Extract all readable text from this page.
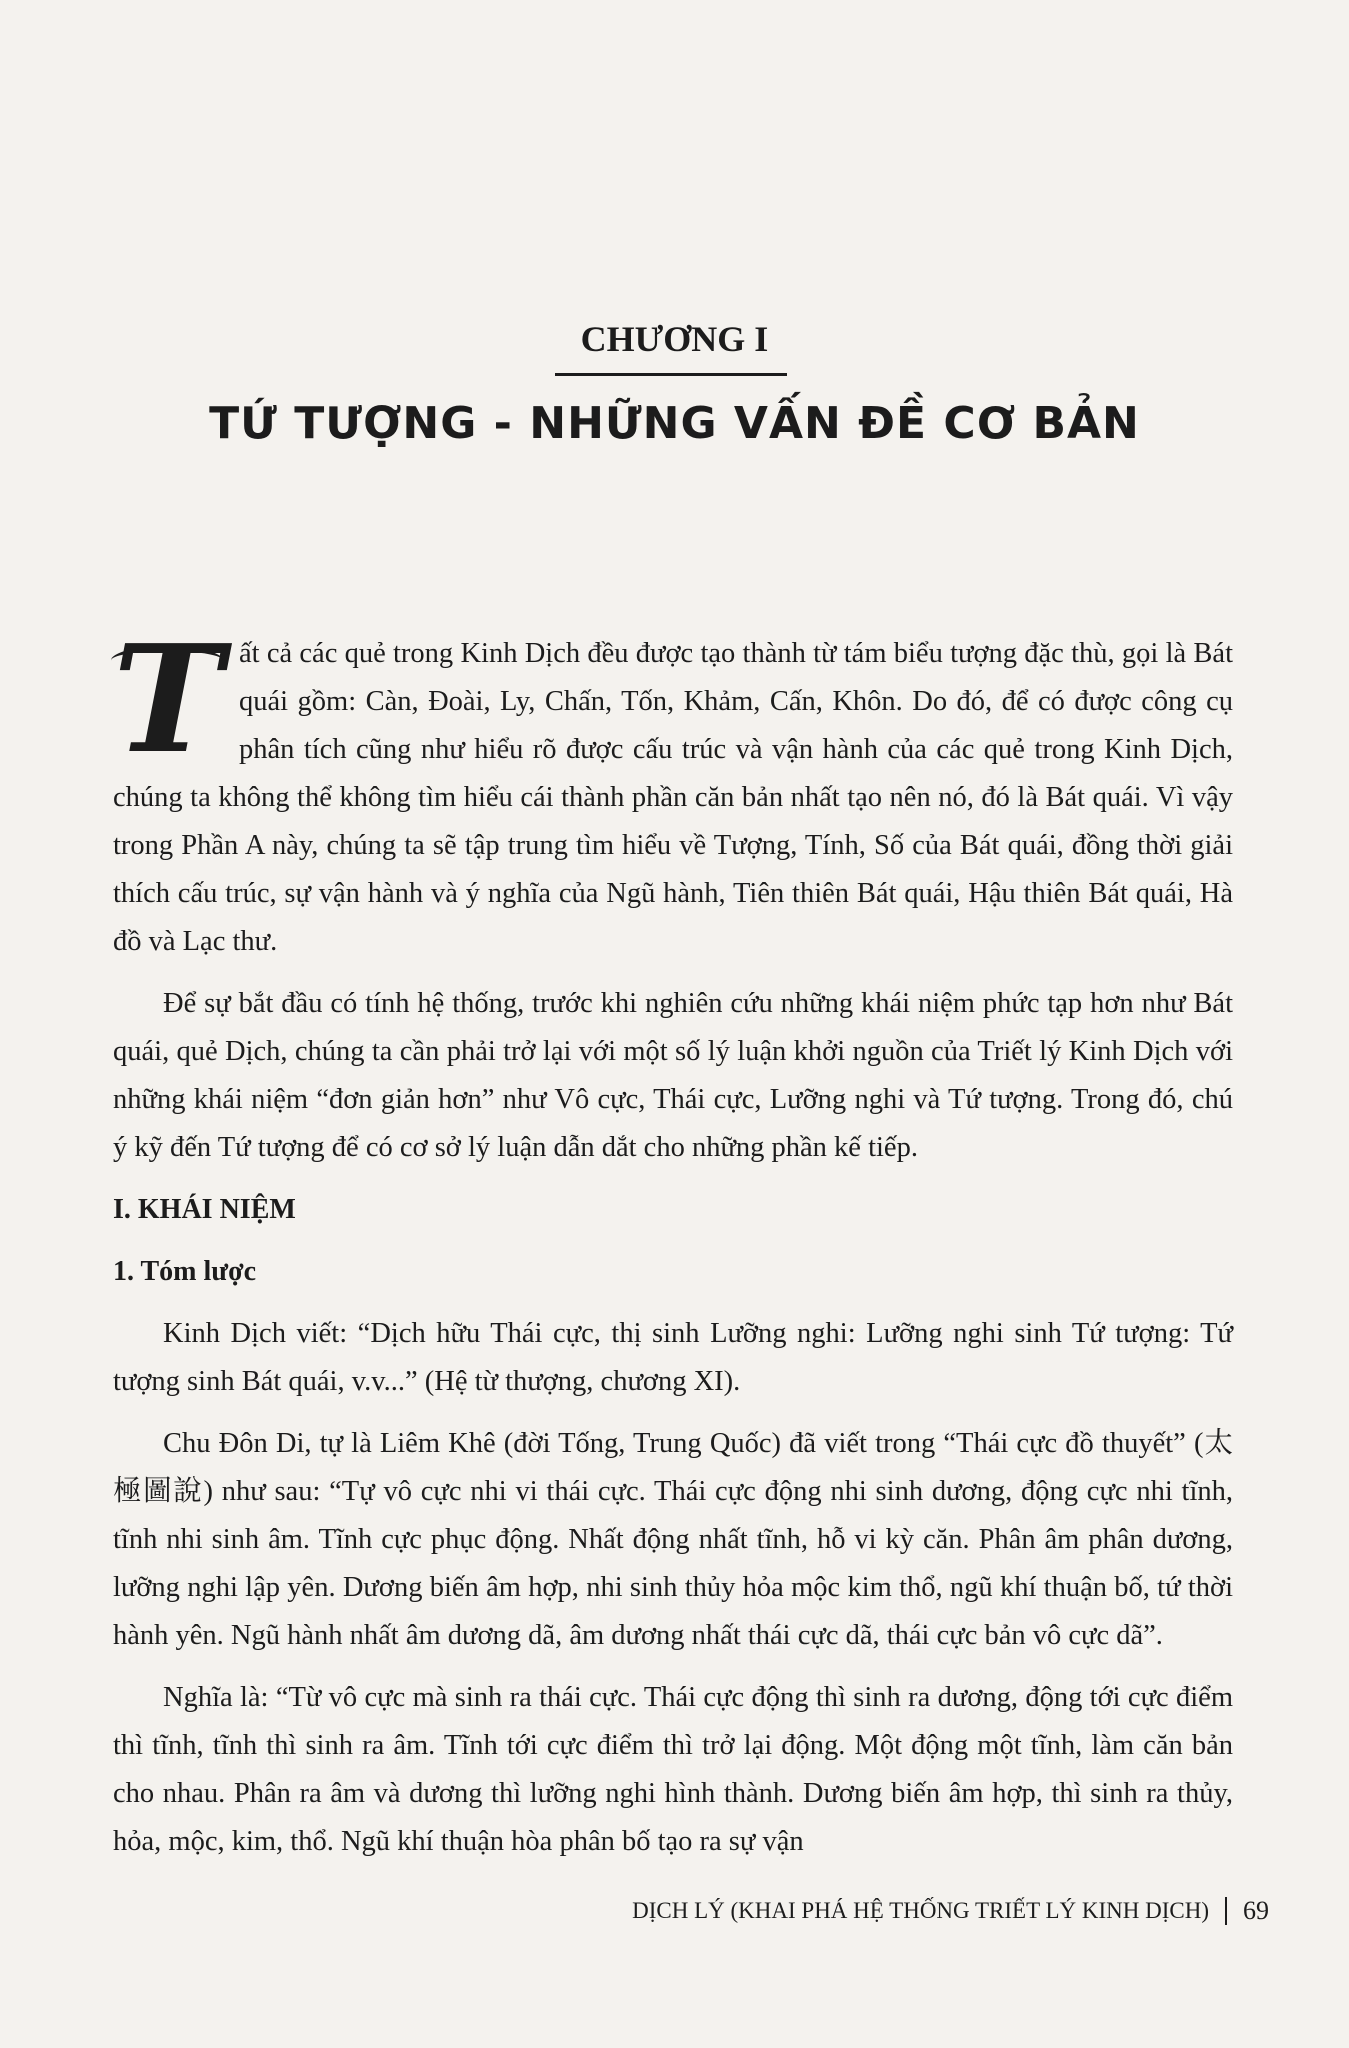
CHƯƠNG I
TỨ TƯỢNG - NHỮNG VẤN ĐỀ CƠ BẢN

T ất cả các quẻ trong Kinh Dịch đều được tạo thành từ tám biểu tượng đặc thù, gọi là Bát quái gồm: Càn, Đoài, Ly, Chấn, Tốn, Khảm, Cấn, Khôn. Do đó, để có được công cụ phân tích cũng như hiểu rõ được cấu trúc và vận hành của các quẻ trong Kinh Dịch, chúng ta không thể không tìm hiểu cái thành phần căn bản nhất tạo nên nó, đó là Bát quái. Vì vậy trong Phần A này, chúng ta sẽ tập trung tìm hiểu về Tượng, Tính, Số của Bát quái, đồng thời giải thích cấu trúc, sự vận hành và ý nghĩa của Ngũ hành, Tiên thiên Bát quái, Hậu thiên Bát quái, Hà đồ và Lạc thư.

Để sự bắt đầu có tính hệ thống, trước khi nghiên cứu những khái niệm phức tạp hơn như Bát quái, quẻ Dịch, chúng ta cần phải trở lại với một số lý luận khởi nguồn của Triết lý Kinh Dịch với những khái niệm “đơn giản hơn” như Vô cực, Thái cực, Lưỡng nghi và Tứ tượng. Trong đó, chú ý kỹ đến Tứ tượng để có cơ sở lý luận dẫn dắt cho những phần kế tiếp.

I. KHÁI NIỆM

1. Tóm lược

Kinh Dịch viết: “Dịch hữu Thái cực, thị sinh Lưỡng nghi: Lưỡng nghi sinh Tứ tượng: Tứ tượng sinh Bát quái, v.v...” (Hệ từ thượng, chương XI).

Chu Đôn Di, tự là Liêm Khê (đời Tống, Trung Quốc) đã viết trong “Thái cực đồ thuyết” (太極圖說) như sau: “Tự vô cực nhi vi thái cực. Thái cực động nhi sinh dương, động cực nhi tĩnh, tĩnh nhi sinh âm. Tĩnh cực phục động. Nhất động nhất tĩnh, hỗ vi kỳ căn. Phân âm phân dương, lưỡng nghi lập yên. Dương biến âm hợp, nhi sinh thủy hỏa mộc kim thổ, ngũ khí thuận bố, tứ thời hành yên. Ngũ hành nhất âm dương dã, âm dương nhất thái cực dã, thái cực bản vô cực dã”.

Nghĩa là: “Từ vô cực mà sinh ra thái cực. Thái cực động thì sinh ra dương, động tới cực điểm thì tĩnh, tĩnh thì sinh ra âm. Tĩnh tới cực điểm thì trở lại động. Một động một tĩnh, làm căn bản cho nhau. Phân ra âm và dương thì lưỡng nghi hình thành. Dương biến âm hợp, thì sinh ra thủy, hỏa, mộc, kim, thổ. Ngũ khí thuận hòa phân bố tạo ra sự vận

DỊCH LÝ (KHAI PHÁ HỆ THỐNG TRIẾT LÝ KINH DỊCH) 69
